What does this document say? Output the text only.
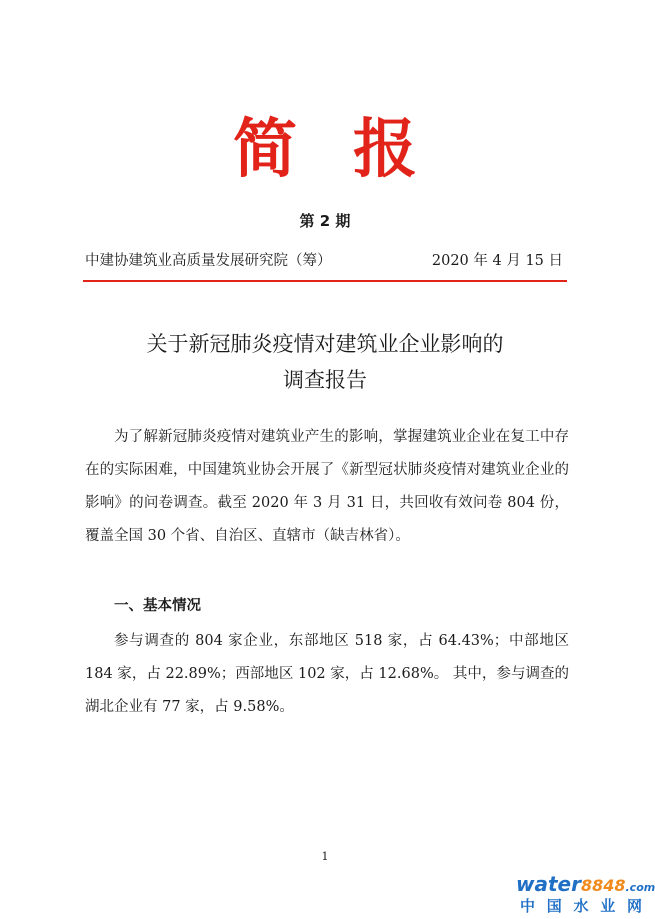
简报
第 2 期
中建协建筑业高质量发展研究院（筹）	2020 年 4 月 15 日
关于新冠肺炎疫情对建筑业企业影响的
调查报告
为了解新冠肺炎疫情对建筑业产生的影响，掌握建筑业企业在复工中存在的实际困难，中国建筑业协会开展了《新型冠状肺炎疫情对建筑业企业的影响》的问卷调查。截至 2020 年 3 月 31 日，共回收有效问卷 804 份，覆盖全国 30 个省、自治区、直辖市（缺吉林省）。
一、基本情况
参与调查的 804 家企业，东部地区 518 家，占 64.43%；中部地区 184 家，占 22.89%；西部地区 102 家，占 12.68%。 其中，参与调查的湖北企业有 77 家，占 9.58%。
1
water8848.com
中 国 水 业 网
